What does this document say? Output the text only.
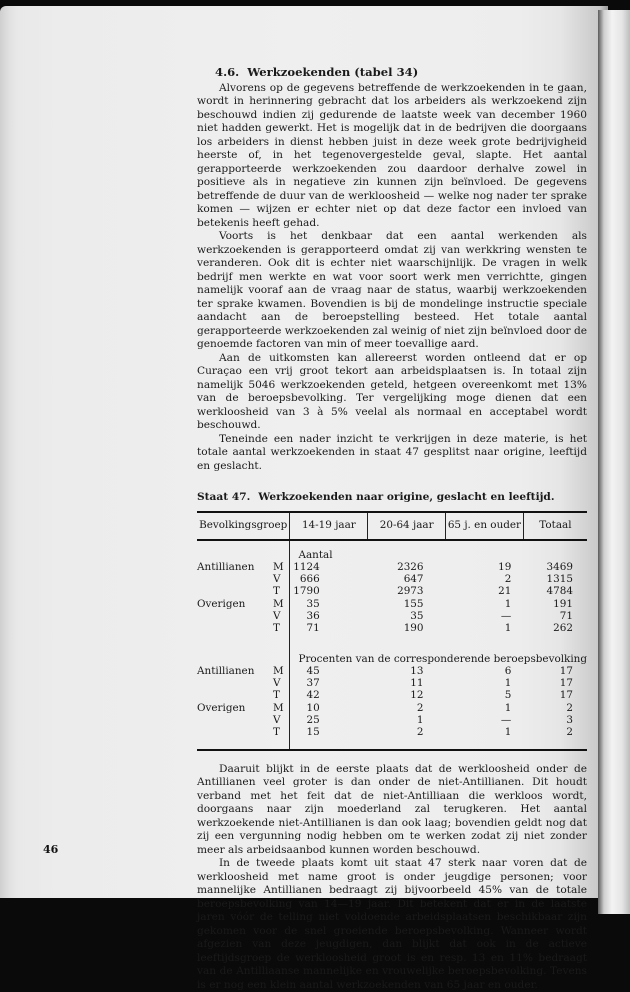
4.6. Werkzoekenden (tabel 34)

Alvorens op de gegevens betreffende de werkzoekenden in te gaan, wordt in herinnering gebracht dat los arbeiders als werkzoekend zijn beschouwd indien zij gedurende de laatste week van december 1960 niet hadden gewerkt. Het is mogelijk dat in de bedrijven die doorgaans los arbeiders in dienst hebben juist in deze week grote bedrijvigheid heerste of, in het tegenovergestelde geval, slapte. Het aantal gerapporteerde werkzoekenden zou daardoor derhalve zowel in positieve als in negatieve zin kunnen zijn beïnvloed. De gegevens betreffende de duur van de werkloosheid — welke nog nader ter sprake komen — wijzen er echter niet op dat deze factor een invloed van betekenis heeft gehad.

Voorts is het denkbaar dat een aantal werkenden als werkzoekenden is gerapporteerd omdat zij van werkkring wensten te veranderen. Ook dit is echter niet waarschijnlijk. De vragen in welk bedrijf men werkte en wat voor soort werk men verrichtte, gingen namelijk vooraf aan de vraag naar de status, waarbij werkzoekenden ter sprake kwamen. Bovendien is bij de mondelinge instructie speciale aandacht aan de beroepstelling besteed. Het totale aantal gerapporteerde werkzoekenden zal weinig of niet zijn beïnvloed door de genoemde factoren van min of meer toevallige aard.

Aan de uitkomsten kan allereerst worden ontleend dat er op Curaçao een vrij groot tekort aan arbeidsplaatsen is. In totaal zijn namelijk 5046 werkzoekenden geteld, hetgeen overeenkomt met 13% van de beroepsbevolking. Ter vergelijking moge dienen dat een werkloosheid van 3 à 5% veelal als normaal en acceptabel wordt beschouwd.

Teneinde een nader inzicht te verkrijgen in deze materie, is het totale aantal werkzoekenden in staat 47 gesplitst naar origine, leeftijd en geslacht.

Staat 47. Werkzoekenden naar origine, geslacht en leeftijd.
Bevolkingsgroep	14-19 jaar	20-64 jaar	65 j. en ouder	Totaal

	Aantal			
Antillianen M	1124	2326	19	3469
V	666	647	2	1315
T	1790	2973	21	4784
Overigen M	35	155	1	191
V	36	35	—	71
T	71	190	1	262

	Procenten van de corresponderende beroepsbevolking			
Antillianen M	45	13	6	17
V	37	11	1	17
T	42	12	5	17
Overigen M	10	2	1	2
V	25	1	—	3
T	15	2	1	2

Daaruit blijkt in de eerste plaats dat de werkloosheid onder de Antillianen veel groter is dan onder de niet-Antillianen. Dit houdt verband met het feit dat de niet-Antilliaan die werkloos wordt, doorgaans naar zijn moederland zal terugkeren. Het aantal werkzoekende niet-Antillianen is dan ook laag; bovendien geldt nog dat zij een vergunning nodig hebben om te werken zodat zij niet zonder meer als arbeidsaanbod kunnen worden beschouwd.

In de tweede plaats komt uit staat 47 sterk naar voren dat de werkloosheid met name groot is onder jeugdige personen; voor mannelijke Antillianen bedraagt zij bijvoorbeeld 45% van de totale beroepsbevolking van 14—19 jaar. Dit betekent dat er in de laatste jaren vóór de telling niet voldoende arbeidsplaatsen beschikbaar zijn gekomen voor de snel groeiende beroepsbevolking. Wanneer wordt afgezien van deze jeugdigen, dan blijkt dat ook in de actieve leeftijdsgroep de werkloosheid groot is en resp. 13 en 11% bedraagt van de Antilliaanse mannelijke en vrouwelijke beroepsbevolking. Tevens is er nog een klein aantal werkzoekenden van 65 jaar en ouder.

46
